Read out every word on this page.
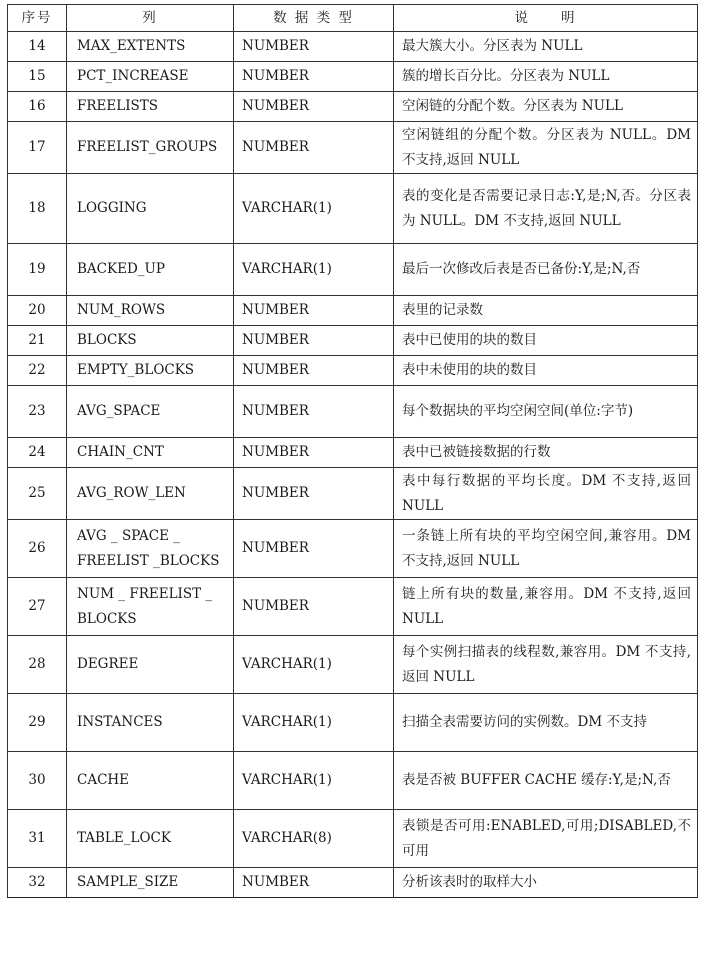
序号	列	数 据 类 型	说　　明
14	MAX_EXTENTS	NUMBER	最大簇大小。分区表为 NULL
15	PCT_INCREASE	NUMBER	簇的增长百分比。分区表为 NULL
16	FREELISTS	NUMBER	空闲链的分配个数。分区表为 NULL
17	FREELIST_GROUPS	NUMBER	空闲链组的分配个数。分区表为 NULL。DM 不支持,返回 NULL
18	LOGGING	VARCHAR(1)	表的变化是否需要记录日志:Y,是;N,否。分区表为 NULL。DM 不支持,返回 NULL
19	BACKED_UP	VARCHAR(1)	最后一次修改后表是否已备份:Y,是;N,否
20	NUM_ROWS	NUMBER	表里的记录数
21	BLOCKS	NUMBER	表中已使用的块的数目
22	EMPTY_BLOCKS	NUMBER	表中未使用的块的数目
23	AVG_SPACE	NUMBER	每个数据块的平均空闲空间(单位:字节)
24	CHAIN_CNT	NUMBER	表中已被链接数据的行数
25	AVG_ROW_LEN	NUMBER	表中每行数据的平均长度。DM 不支持,返回 NULL
26	AVG _ SPACE _ FREELIST _BLOCKS	NUMBER	一条链上所有块的平均空闲空间,兼容用。DM 不支持,返回 NULL
27	NUM _ FREELIST _ BLOCKS	NUMBER	链上所有块的数量,兼容用。DM 不支持,返回 NULL
28	DEGREE	VARCHAR(1)	每个实例扫描表的线程数,兼容用。DM 不支持,返回 NULL
29	INSTANCES	VARCHAR(1)	扫描全表需要访问的实例数。DM 不支持
30	CACHE	VARCHAR(1)	表是否被 BUFFER CACHE 缓存:Y,是;N,否
31	TABLE_LOCK	VARCHAR(8)	表锁是否可用:ENABLED,可用;DISABLED,不可用
32	SAMPLE_SIZE	NUMBER	分析该表时的取样大小
